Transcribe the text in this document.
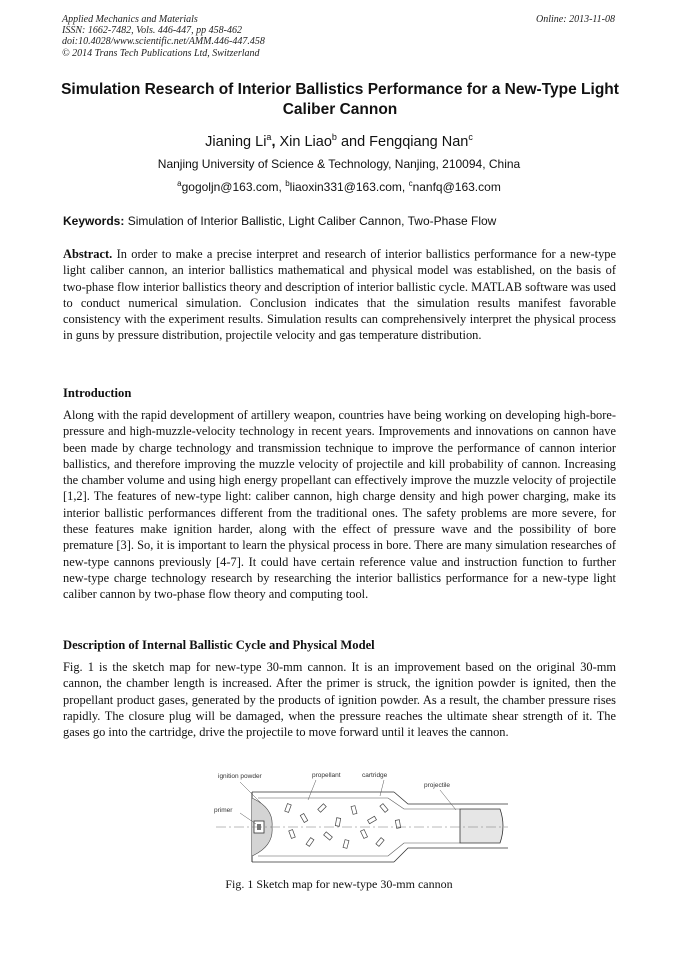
Applied Mechanics and Materials
ISSN: 1662-7482, Vols. 446-447, pp 458-462
doi:10.4028/www.scientific.net/AMM.446-447.458
© 2014 Trans Tech Publications Ltd, Switzerland
Online: 2013-11-08
Simulation Research of Interior Ballistics Performance for a New-Type Light Caliber Cannon
Jianing Li$^a$, Xin Liao$^b$ and Fengqiang Nan$^c$
Nanjing University of Science & Technology, Nanjing, 210094, China
$^a$gogoljn@163.com, $^b$liaoxin331@163.com, $^c$nanfq@163.com
Keywords: Simulation of Interior Ballistic, Light Caliber Cannon, Two-Phase Flow
Abstract. In order to make a precise interpret and research of interior ballistics performance for a new-type light caliber cannon, an interior ballistics mathematical and physical model was established, on the basis of two-phase flow interior ballistics theory and description of interior ballistic cycle. MATLAB software was used to conduct numerical simulation. Conclusion indicates that the simulation results manifest favorable consistency with the experiment results. Simulation results can comprehensively interpret the physical process in guns by pressure distribution, projectile velocity and gas temperature distribution.
Introduction
Along with the rapid development of artillery weapon, countries have being working on developing high-bore-pressure and high-muzzle-velocity technology in recent years. Improvements and innovations on cannon have been made by charge technology and transmission technique to improve the performance of cannon interior ballistics, and therefore improving the muzzle velocity of projectile and kill probability of cannon. Increasing the chamber volume and using high energy propellant can effectively improve the muzzle velocity of projectile [1,2]. The features of new-type light: caliber cannon, high charge density and high power charging, make its interior ballistic performances different from the traditional ones. The safety problems are more severe, for these features make ignition harder, along with the effect of pressure wave and the possibility of bore premature [3]. So, it is important to learn the physical process in bore. There are many simulation researches of new-type cannons previously [4-7]. It could have certain reference value and instruction function to further new-type charge technology research by researching the interior ballistics performance for a new-type light caliber cannon by two-phase flow theory and computing tool.
Description of Internal Ballistic Cycle and Physical Model
Fig. 1 is the sketch map for new-type 30-mm cannon. It is an improvement based on the original 30-mm cannon, the chamber length is increased. After the primer is struck, the ignition powder is ignited, then the propellant product gases, generated by the products of ignition powder. As a result, the chamber pressure rises rapidly. The closure plug will be damaged, when the pressure reaches the ultimate shear strength of it. The gases go into the cartridge, drive the projectile to move forward until it leaves the cannon.
ignition powder	propellant	cartridge
projectile
primer
Fig. 1 Sketch map for new-type 30-mm cannon
